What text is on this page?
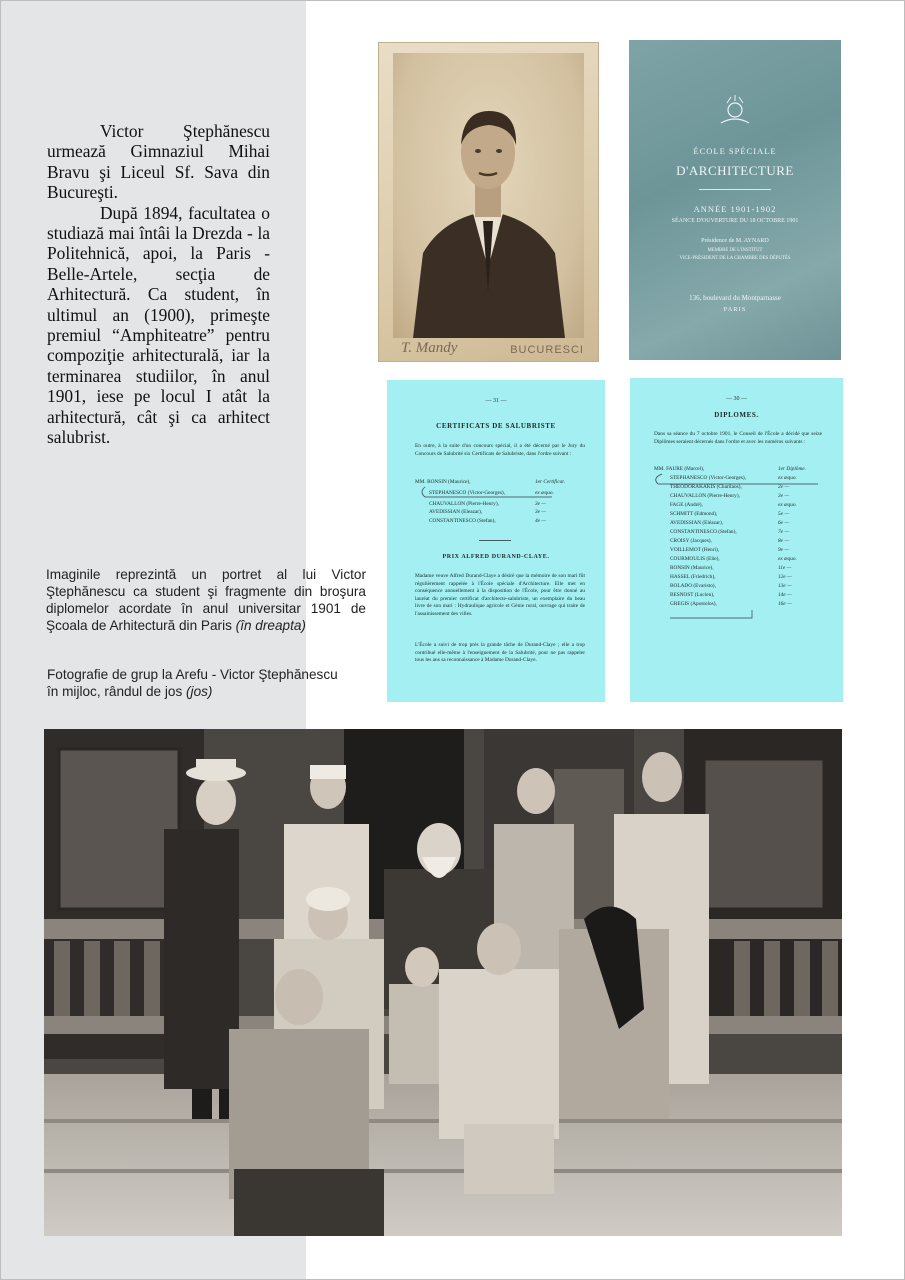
Victor Ştephănescu urmează Gimnaziul Mihai Bravu şi Liceul Sf. Sava din Bucureşti.

După 1894, facultatea o studiază mai întâi la Drezda - la Politehnică, apoi, la Paris - Belle-Artele, secţia de Arhitectură. Ca student, în ultimul an (1900), primeşte premiul “Amphiteatre” pentru compoziţie arhitecturală, iar la terminarea studiilor, în anul 1901, iese pe locul I atât la arhitectură, cât şi ca arhitect salubrist.

Imaginile reprezintă un portret al lui Victor Ştephănescu ca student şi fragmente din broşura diplomelor acordate în anul universitar 1901 de Şcoala de Arhitectură din Paris (în dreapta)
Fotografie de grup la Arefu - Victor Ştephănescu în mijloc, rândul de jos (jos)
T. Mandy	BUCURESCI
ÉCOLE SPÉCIALE
D'ARCHITECTURE
ANNÉE 1901-1902
SÉANCE D'OUVERTURE DU 18 OCTOBRE 1901
Présidence de M. AYNARD
MEMBRE DE L'INSTITUT
VICE-PRÉSIDENT DE LA CHAMBRE DES DÉPUTÉS
136, boulevard du Montparnasse
PARIS
— 31 —
CERTIFICATS DE SALUBRISTE
En outre, à la suite d'un concours spécial, il a été décerné par le Jury du Concours de Salubrité six Certificats de Salubriste, dans l'ordre suivant :
MM. RONSIN (Maurice),	1er Certificat.
STEPHANESCO (Victor-Georges),	ex æquo.
CHAUVALLON (Pierre-Henry),	3e —
AVEDISSIAN (Eleazar),	3e —
CONSTANTINESCO (Stefan),	4e —
PRIX ALFRED DURAND-CLAYE.
Madame veuve Alfred Durand-Claye a désiré que la mémoire de son mari fût régulièrement rappelée à l'École spéciale d'Architecture. Elle met en conséquence annuellement à la disposition de l'École, pour être donné au lauréat du premier certificat d'architecte-salubriste, un exemplaire du beau livre de son mari : Hydraulique agricole et Génie rural, ouvrage qui traite de l'assainissement des villes.
L'École a suivi de trop près la grande tâche de Durand-Claye ; elle a trop contribué elle-même à l'enseignement de la Salubrité, pour ne pas rappeler tous les ans sa reconnaissance à Madame Durand-Claye.
— 30 —
DIPLOMES.
Dans sa séance du 7 octobre 1901, le Conseil de l'École a décidé que seize Diplômes seraient décernés dans l'ordre et avec les numéros suivants :
MM. FAURE (Marcel),	1er Diplôme.
STEPHANESCO (Victor-Georges),	ex æquo.
THEODORAKAKIS (Charilaos),	2e —
CHAUVALLON (Pierre-Henry),	3e —
FAGE (André),	ex æquo.
SCHMITT (Edmond),	5e —
AVEDISSIAN (Eléazar),	6e —
CONSTANTINESCO (Stefan),	7e —
CROISY (Jacques),	8e —
VOILLEMOT (Henri),	9e —
COURMOULIS (Elie),	ex æquo.
RONSIN (Maurice),	11e —
HASSEL (Friedrich),	12e —
BOLADO (Evaristo),	13e —
BESNOST (Lucien),	14e —
GREGIS (Apostolos),	16e —
